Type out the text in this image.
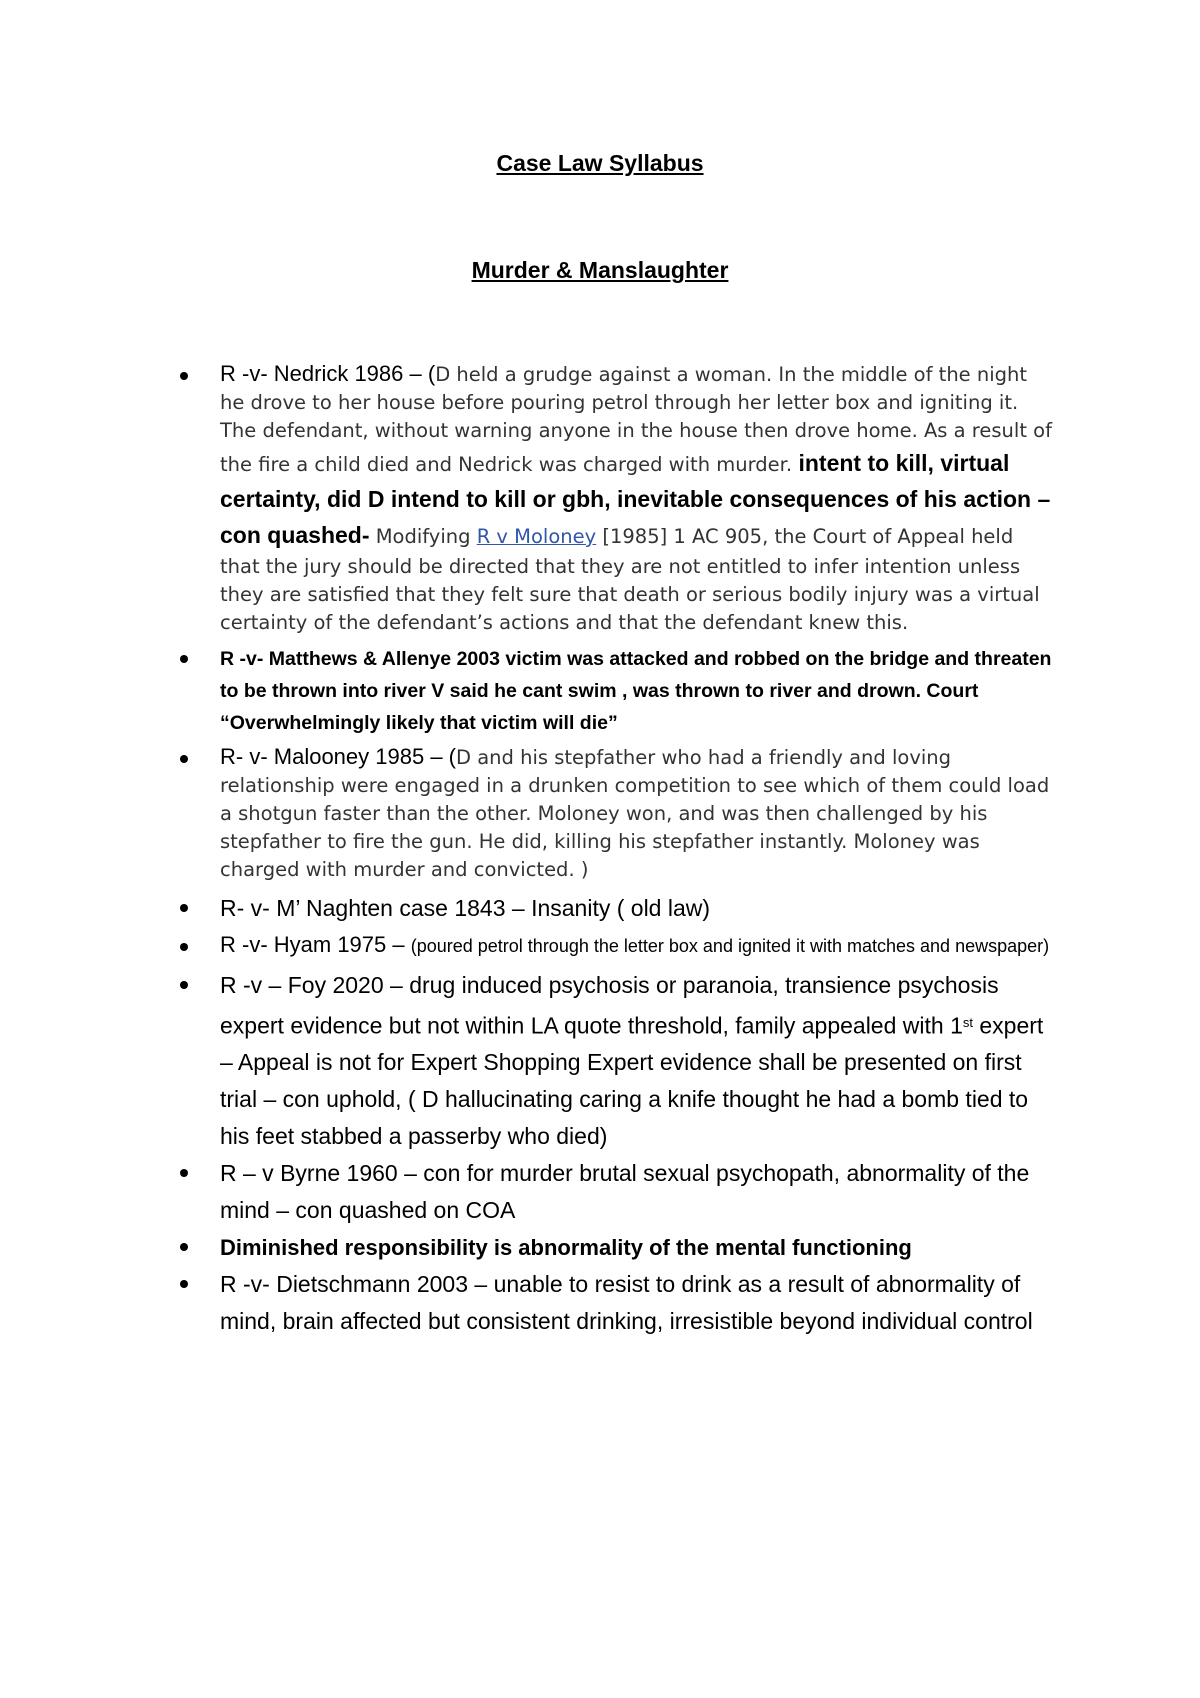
Case Law Syllabus
Murder & Manslaughter
R -v- Nedrick 1986 – (D held a grudge against a woman. In the middle of the night he drove to her house before pouring petrol through her letter box and igniting it. The defendant, without warning anyone in the house then drove home. As a result of the fire a child died and Nedrick was charged with murder. intent to kill, virtual certainty, did D intend to kill or gbh, inevitable consequences of his action – con quashed- Modifying R v Moloney [1985] 1 AC 905, the Court of Appeal held that the jury should be directed that they are not entitled to infer intention unless they are satisfied that they felt sure that death or serious bodily injury was a virtual certainty of the defendant’s actions and that the defendant knew this.
R -v- Matthews & Allenye 2003 victim was attacked and robbed on the bridge and threaten to be thrown into river V said he cant swim , was thrown to river and drown. Court “Overwhelmingly likely that victim will die”
R- v- Malooney 1985 – (D and his stepfather who had a friendly and loving relationship were engaged in a drunken competition to see which of them could load a shotgun faster than the other. Moloney won, and was then challenged by his stepfather to fire the gun. He did, killing his stepfather instantly. Moloney was charged with murder and convicted. )
R- v- M’ Naghten case 1843 – Insanity ( old law)
R -v- Hyam 1975 – (poured petrol through the letter box and ignited it with matches and newspaper)
R -v – Foy 2020 – drug induced psychosis or paranoia, transience psychosis expert evidence but not within LA quote threshold, family appealed with 1st expert – Appeal is not for Expert Shopping Expert evidence shall be presented on first trial – con uphold, ( D hallucinating caring a knife thought he had a bomb tied to his feet stabbed a passerby who died)
R – v Byrne 1960 – con for murder brutal sexual psychopath, abnormality of the mind – con quashed on COA
Diminished responsibility is abnormality of the mental functioning
R -v- Dietschmann 2003 – unable to resist to drink as a result of abnormality of mind, brain affected but consistent drinking, irresistible beyond individual control
